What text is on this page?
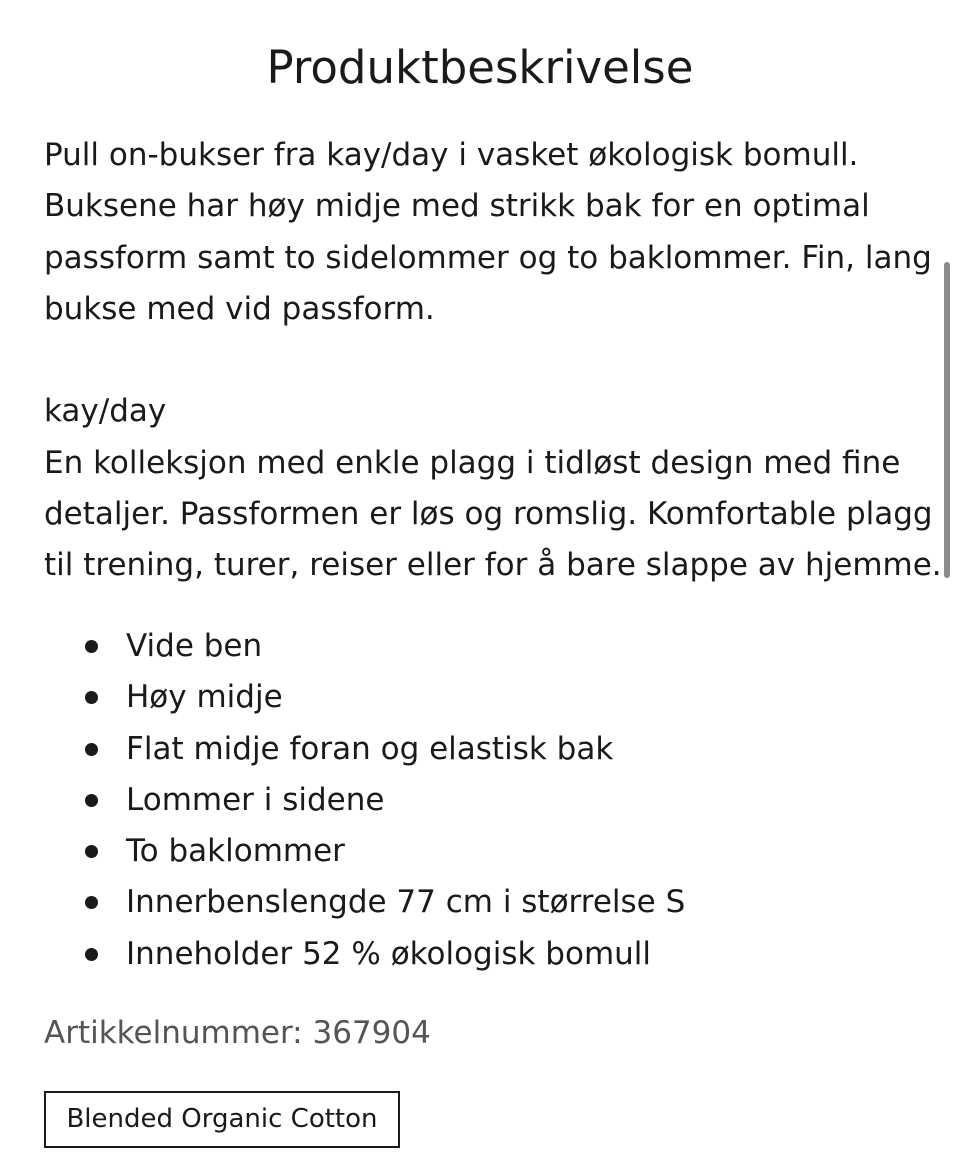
Produktbeskrivelse

Pull on-bukser fra kay/day i vasket økologisk bomull.
Buksene har høy midje med strikk bak for en optimal
passform samt to sidelommer og to baklommer. Fin, lang
bukse med vid passform.

kay/day
En kolleksjon med enkle plagg i tidløst design med fine
detaljer. Passformen er løs og romslig. Komfortable plagg
til trening, turer, reiser eller for å bare slappe av hjemme.

Vide ben
Høy midje
Flat midje foran og elastisk bak
Lommer i sidene
To baklommer
Innerbenslengde 77 cm i størrelse S
Inneholder 52 % økologisk bomull
Artikkelnummer: 367904
Blended Organic Cotton
